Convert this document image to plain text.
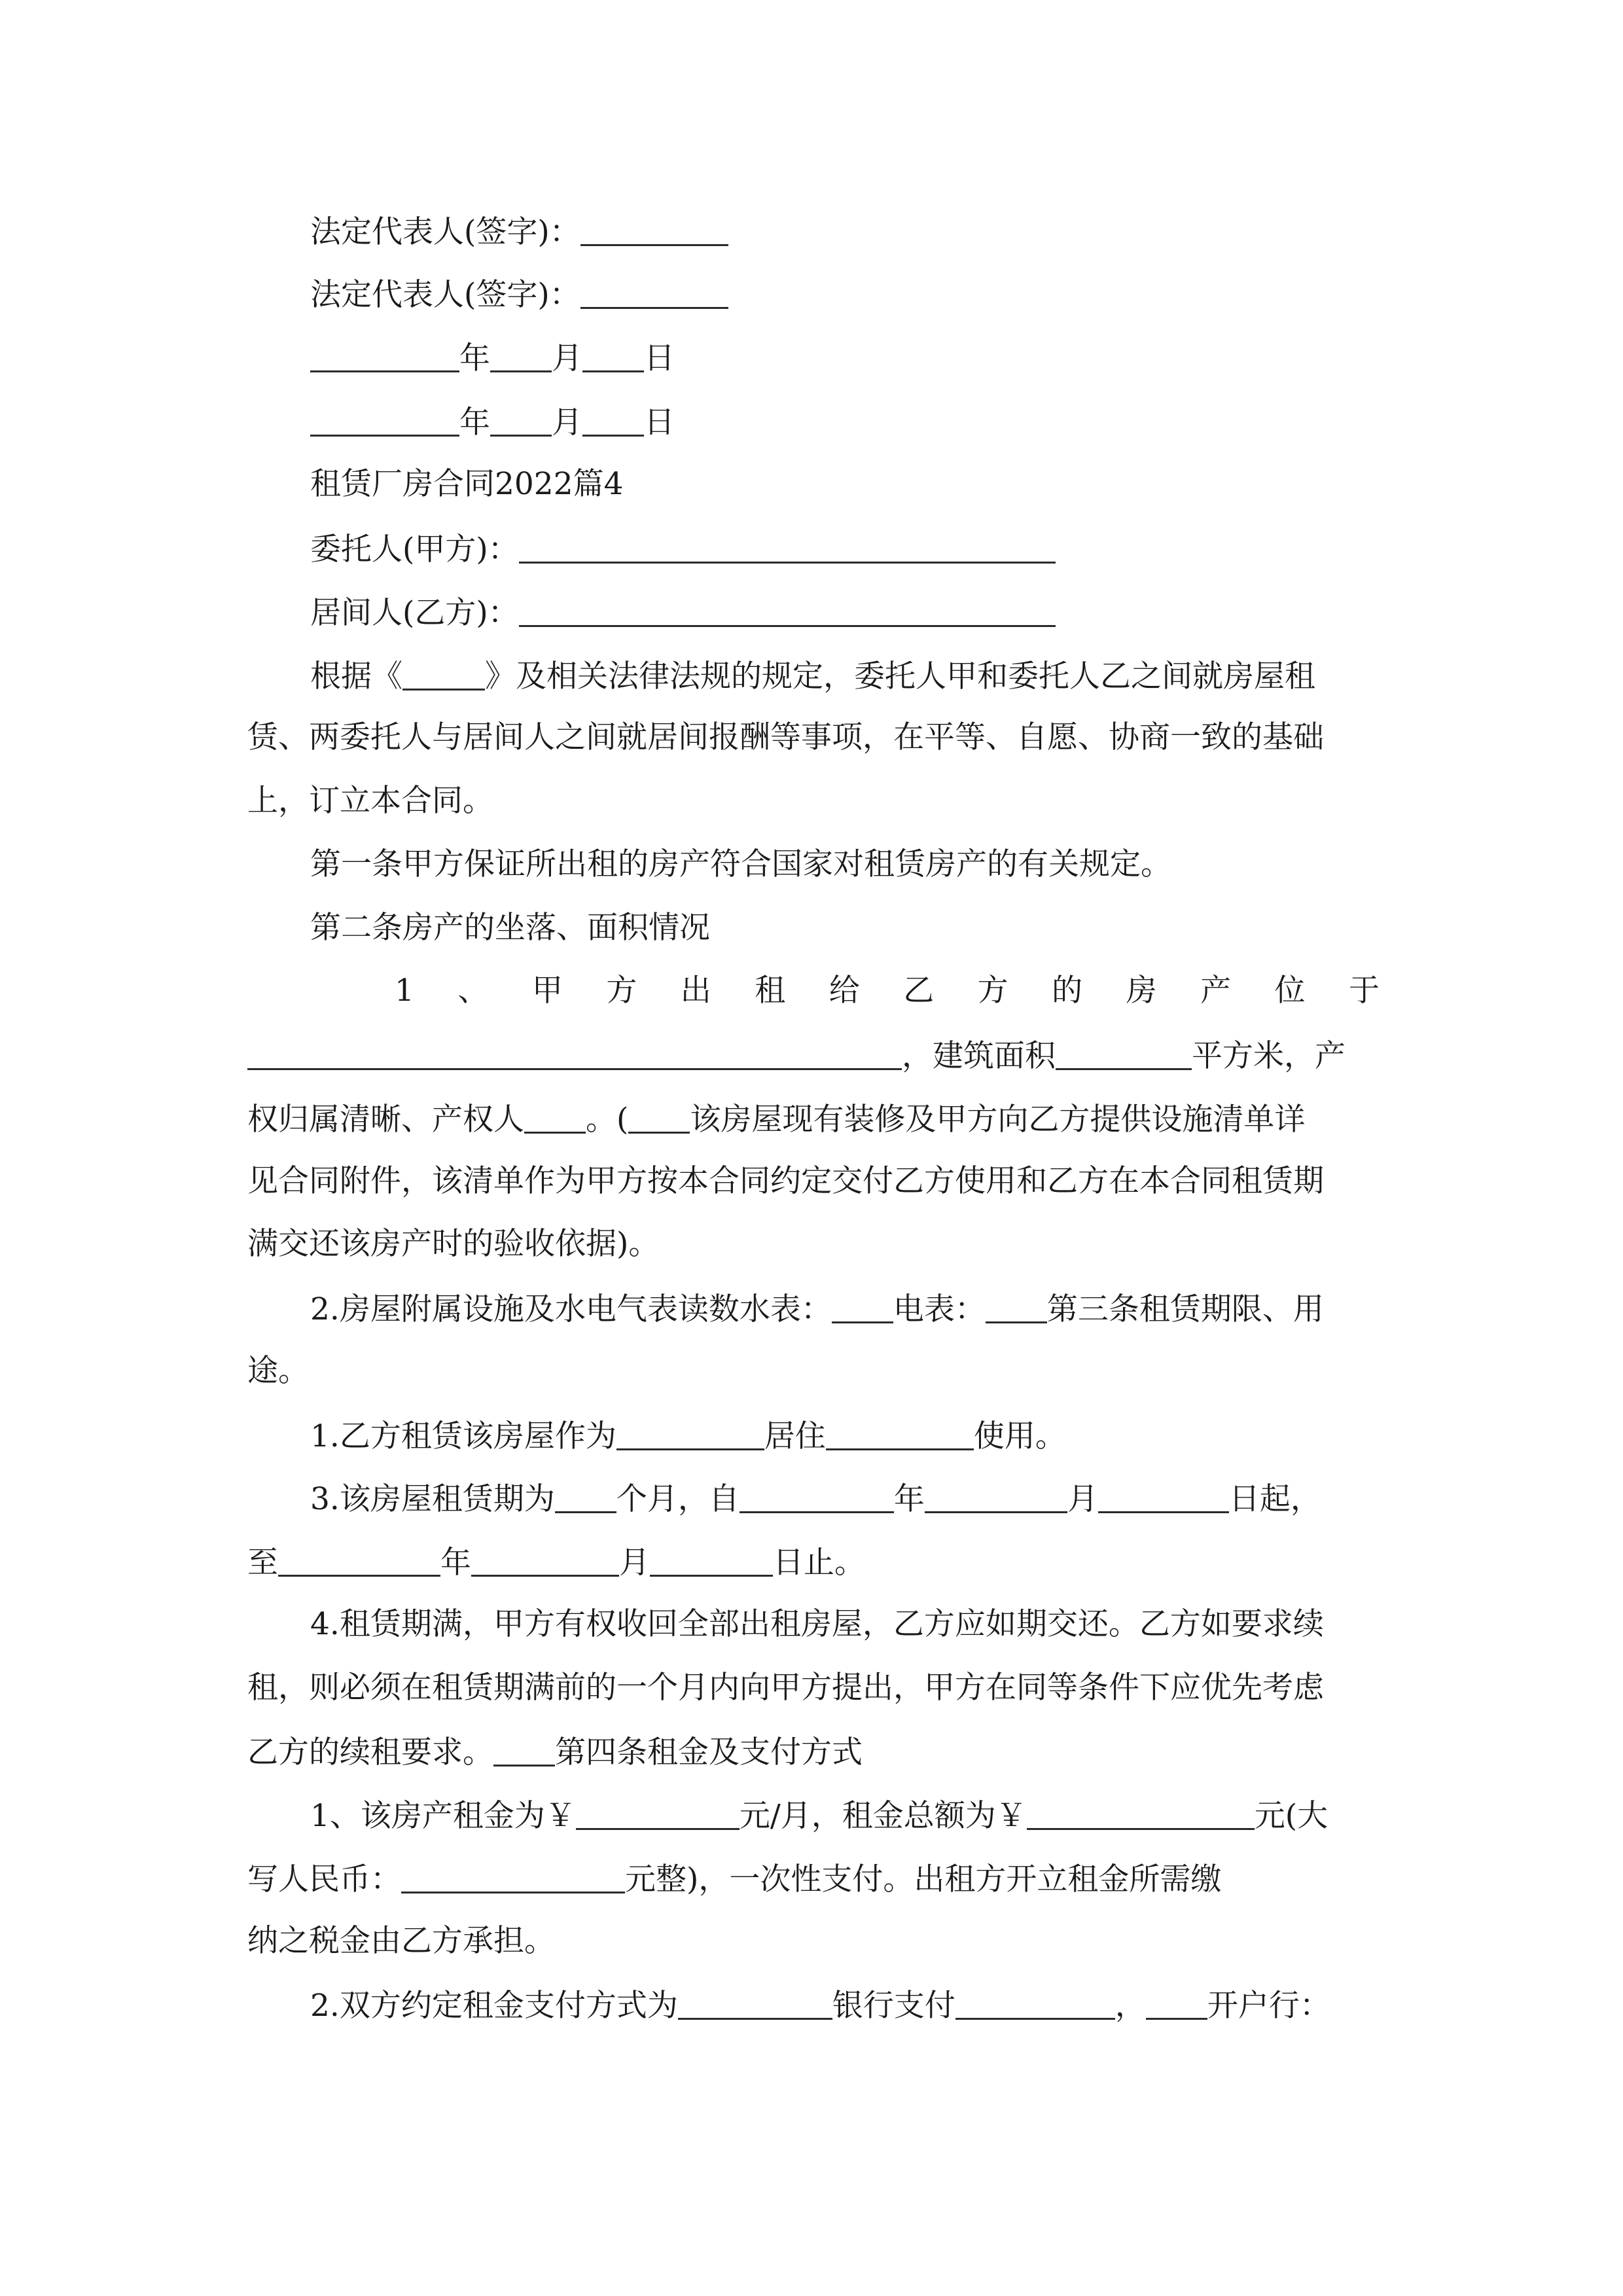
法定代表人(签字)：
法定代表人(签字)：
年 月 日
年 月 日
租赁厂房合同2022篇4
委托人(甲方)：
居间人(乙方)：
根据《	》及相关法律法规的规定，委托人甲和委托人乙之间就房屋租
赁、两委托人与居间人之间就居间报酬等事项，在平等、自愿、协商一致的基础
上，订立本合同。
第一条甲方保证所出租的房产符合国家对租赁房产的有关规定。
第二条房产的坐落、面积情况
1 、 甲 方 出 租 给 乙 方 的 房 产 位 于
，建筑面积	平方米，产
权归属清晰、产权人 。( 该房屋现有装修及甲方向乙方提供设施清单详
见合同附件，该清单作为甲方按本合同约定交付乙方使用和乙方在本合同租赁期
满交还该房产时的验收依据)。
2.房屋附属设施及水电气表读数水表： 电表： 第三条租赁期限、用
途。
1.乙方租赁该房屋作为	居住	使用。
3.该房屋租赁期为 个月，自	年	月	日起，
至	年	月	日止。
4.租赁期满，甲方有权收回全部出租房屋，乙方应如期交还。乙方如要求续
租，则必须在租赁期满前的一个月内向甲方提出，甲方在同等条件下应优先考虑
乙方的续租要求。 第四条租金及支付方式
1、该房产租金为￥	元/月，租金总额为￥	元(大
写人民币：	元整)，一次性支付。出租方开立租金所需缴
纳之税金由乙方承担。
2.双方约定租金支付方式为	银行支付	， 开户行：
